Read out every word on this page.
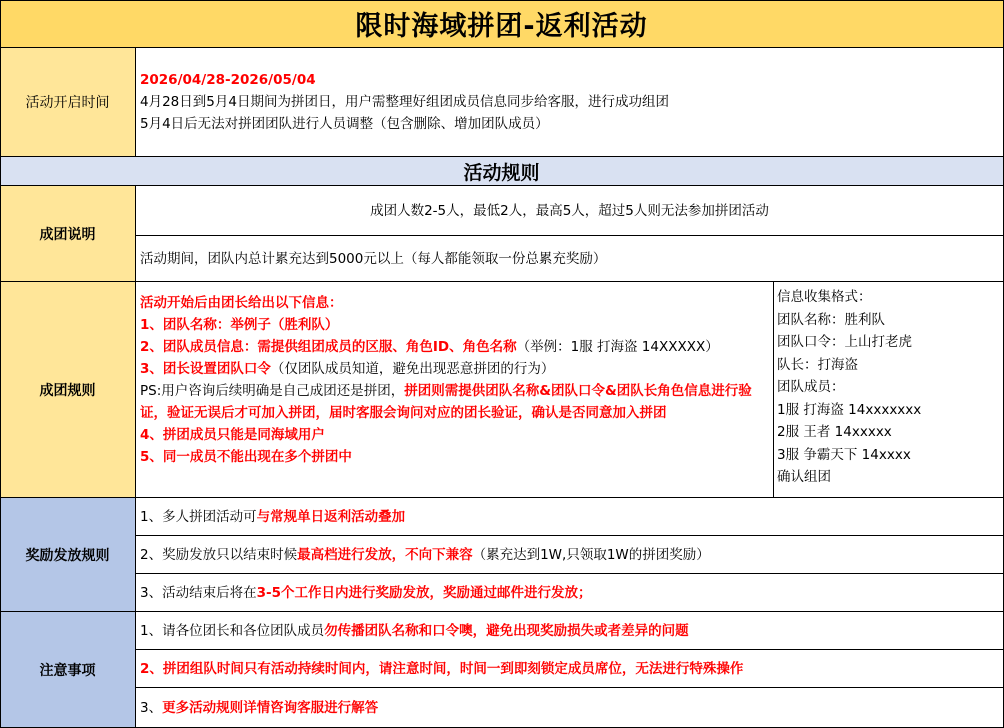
限时海域拼团-返利活动
活动开启时间
2026/04/28-2026/05/04
4月28日到5月4日期间为拼团日，用户需整理好组团成员信息同步给客服，进行成功组团
5月4日后无法对拼团团队进行人员调整（包含删除、增加团队成员）
活动规则
成团说明
成团人数2-5人，最低2人，最高5人，超过5人则无法参加拼团活动
活动期间，团队内总计累充达到5000元以上（每人都能领取一份总累充奖励）
成团规则
活动开始后由团长给出以下信息：
1、团队名称：举例子（胜利队）
2、团队成员信息：需提供组团成员的区服、角色ID、角色名称（举例：1服 打海盗 14XXXXX）
3、团长设置团队口令（仅团队成员知道，避免出现恶意拼团的行为）
PS:用户咨询后续明确是自己成团还是拼团，拼团则需提供团队名称&团队口令&团队长角色信息进行验证，验证无误后才可加入拼团，届时客服会询问对应的团长验证，确认是否同意加入拼团
4、拼团成员只能是同海域用户
5、同一成员不能出现在多个拼团中
信息收集格式：
团队名称：胜利队
团队口令：上山打老虎
队长：打海盗
团队成员：
1服 打海盗 14xxxxxxx
2服 王者 14xxxxx
3服 争霸天下 14xxxx
确认组团
奖励发放规则
1、多人拼团活动可与常规单日返利活动叠加
2、奖励发放只以结束时候最高档进行发放，不向下兼容（累充达到1W,只领取1W的拼团奖励）
3、活动结束后将在3-5个工作日内进行奖励发放，奖励通过邮件进行发放；
注意事项
1、请各位团长和各位团队成员勿传播团队名称和口令噢，避免出现奖励损失或者差异的问题
2、拼团组队时间只有活动持续时间内，请注意时间，时间一到即刻锁定成员席位，无法进行特殊操作
3、更多活动规则详情咨询客服进行解答
